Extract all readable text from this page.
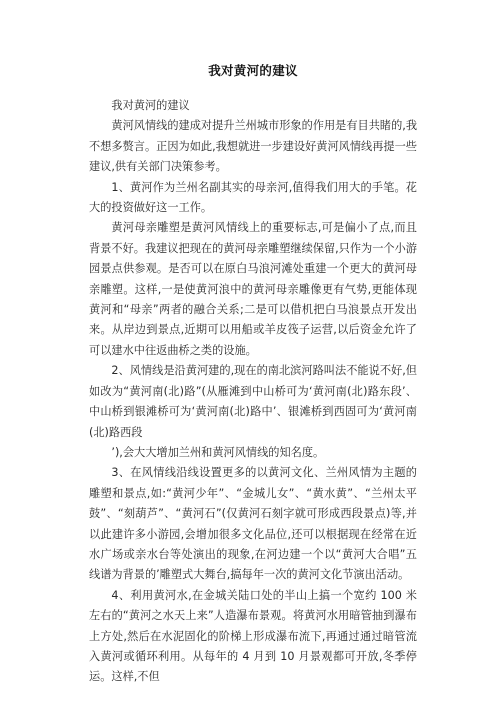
我对黄河的建议

我对黄河的建议

黄河风情线的建成对提升兰州城市形象的作用是有目共睹的,我不想多赘言。正因为如此,我想就进一步建设好黄河风情线再提一些建议,供有关部门决策参考。

1、黄河作为兰州名副其实的母亲河,值得我们用大的手笔。花大的投资做好这一工作。

黄河母亲雕塑是黄河风情线上的重要标志,可是偏小了点,而且背景不好。我建议把现在的黄河母亲雕塑继续保留,只作为一个小游园景点供参观。是否可以在原白马浪河滩处重建一个更大的黄河母亲雕塑。这样,一是使黄河浪中的黄河母亲雕像更有气势,更能体现黄河和“母亲”两者的融合关系;二是可以借机把白马浪景点开发出来。从岸边到景点,近期可以用船或羊皮筏子运营,以后资金允许了可以建水中往返曲桥之类的设施。

2、风情线是沿黄河建的,现在的南北滨河路叫法不能说不好,但如改为“黄河南(北)路”(从雁滩到中山桥可为‘黄河南(北)路东段’、中山桥到银滩桥可为‘黄河南(北)路中’、银滩桥到西固可为‘黄河南(北)路西段

’),会大大增加兰州和黄河风情线的知名度。

3、在风情线沿线设置更多的以黄河文化、兰州风情为主题的雕塑和景点,如:“黄河少年”、“金城儿女”、“黄水黄”、“兰州太平鼓”、“刻葫芦”、“黄河石”(仅黄河石刻字就可形成西段景点)等,并以此建许多小游园,会增加很多文化品位,还可以根据现在经常在近水广场或亲水台等处演出的现象,在河边建一个以“黄河大合唱”五线谱为背景的’雕塑式大舞台,搞每年一次的黄河文化节演出活动。

4、利用黄河水,在金城关陆口处的半山上搞一个宽约 100 米左右的“黄河之水天上来”人造瀑布景观。将黄河水用暗管抽到瀑布上方处,然后在水泥固化的阶梯上形成瀑布流下,再通过通过暗管流入黄河或循环利用。从每年的 4 月到 10 月景观都可开放,冬季停运。这样,不但
